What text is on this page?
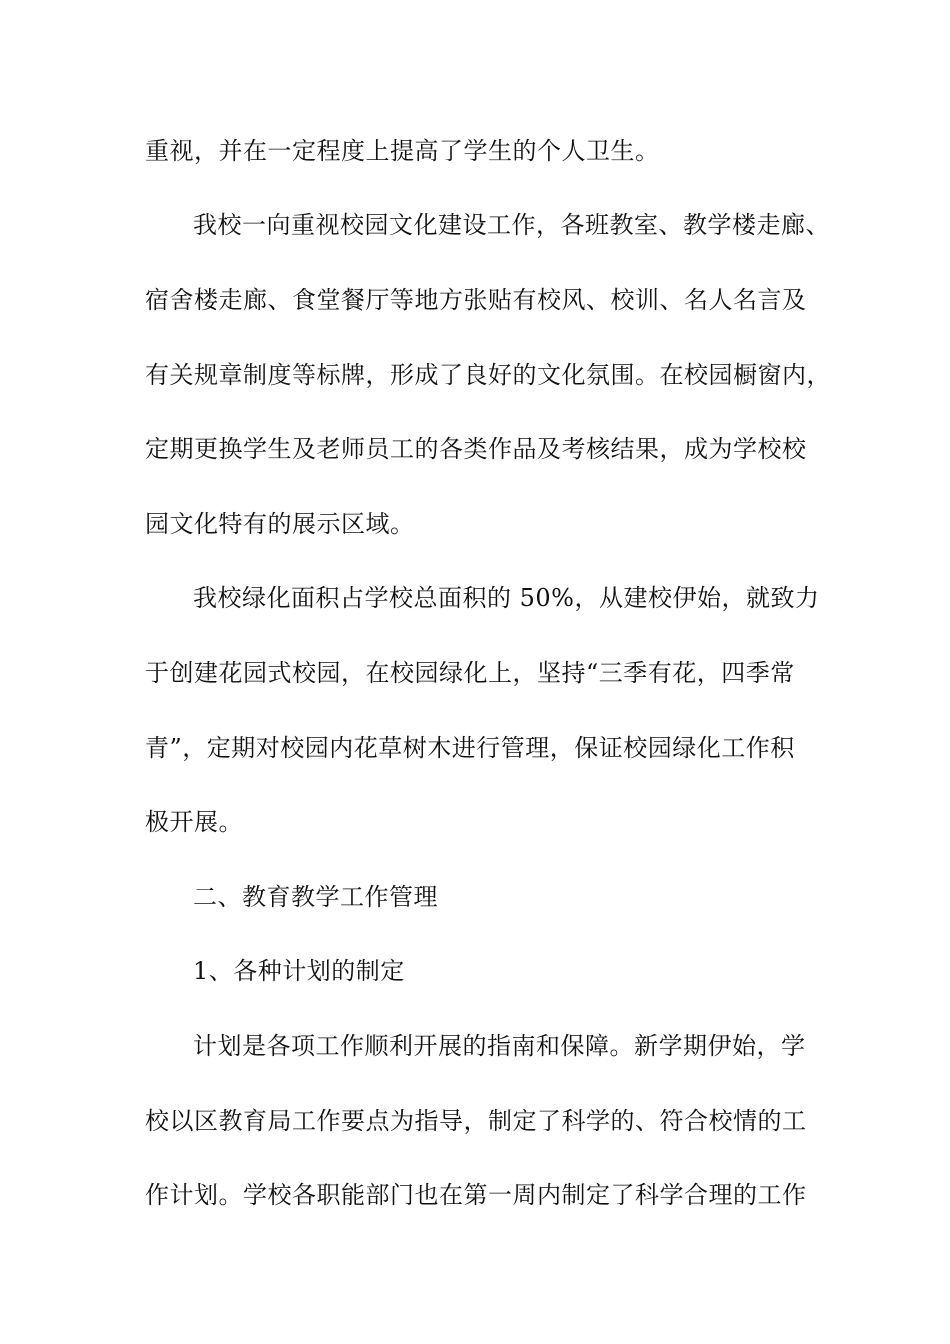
重视，并在一定程度上提高了学生的个人卫生。
我校一向重视校园文化建设工作，各班教室、教学楼走廊、
宿舍楼走廊、食堂餐厅等地方张贴有校风、校训、名人名言及
有关规章制度等标牌，形成了良好的文化氛围。在校园橱窗内，
定期更换学生及老师员工的各类作品及考核结果，成为学校校
园文化特有的展示区域。
我校绿化面积占学校总面积的 50%，从建校伊始，就致力
于创建花园式校园，在校园绿化上，坚持“三季有花，四季常
青”，定期对校园内花草树木进行管理，保证校园绿化工作积
极开展。
二、教育教学工作管理
1、各种计划的制定
计划是各项工作顺利开展的指南和保障。新学期伊始，学
校以区教育局工作要点为指导，制定了科学的、符合校情的工
作计划。学校各职能部门也在第一周内制定了科学合理的工作
